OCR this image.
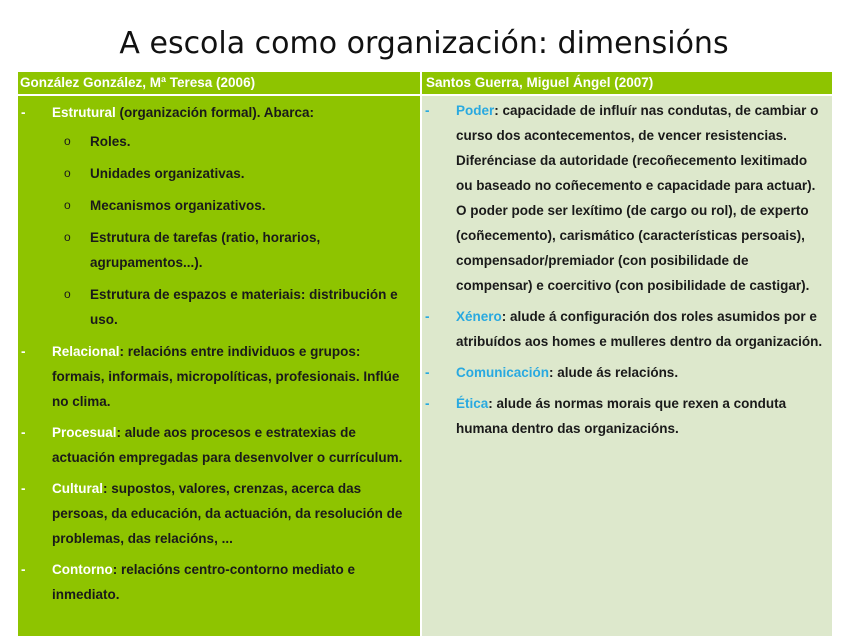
A escola como organización: dimensións
González González, Mª Teresa (2006)	Santos Guerra, Miguel Ángel (2007)
- Estrutural (organización formal). Abarca:
o Roles.
o Unidades organizativas.
o Mecanismos organizativos.
o Estrutura de tarefas (ratio, horarios, agrupamentos...).
o Estrutura de espazos e materiais: distribución e uso.
- Relacional: relacións entre individuos e grupos: formais, informais, micropolíticas, profesionais. Inflúe no clima.
- Procesual: alude aos procesos e estratexias de actuación empregadas para desenvolver o currículum.
- Cultural: supostos, valores, crenzas, acerca das persoas, da educación, da actuación, da resolución de problemas, das relacións, ...
- Contorno: relacións centro-contorno mediato e inmediato.
- Poder: capacidade de influír nas condutas, de cambiar o curso dos acontecementos, de vencer resistencias. Diferénciase da autoridade (recoñecemento lexitimado ou baseado no coñecemento e capacidade para actuar). O poder pode ser lexítimo (de cargo ou rol), de experto (coñecemento), carismático (características persoais), compensador/premiador (con posibilidade de compensar) e coercitivo (con posibilidade de castigar).
- Xénero: alude á configuración dos roles asumidos por e atribuídos aos homes e mulleres dentro da organización.
- Comunicación: alude ás relacións.
- Ética: alude ás normas morais que rexen a conduta humana dentro das organizacións.
